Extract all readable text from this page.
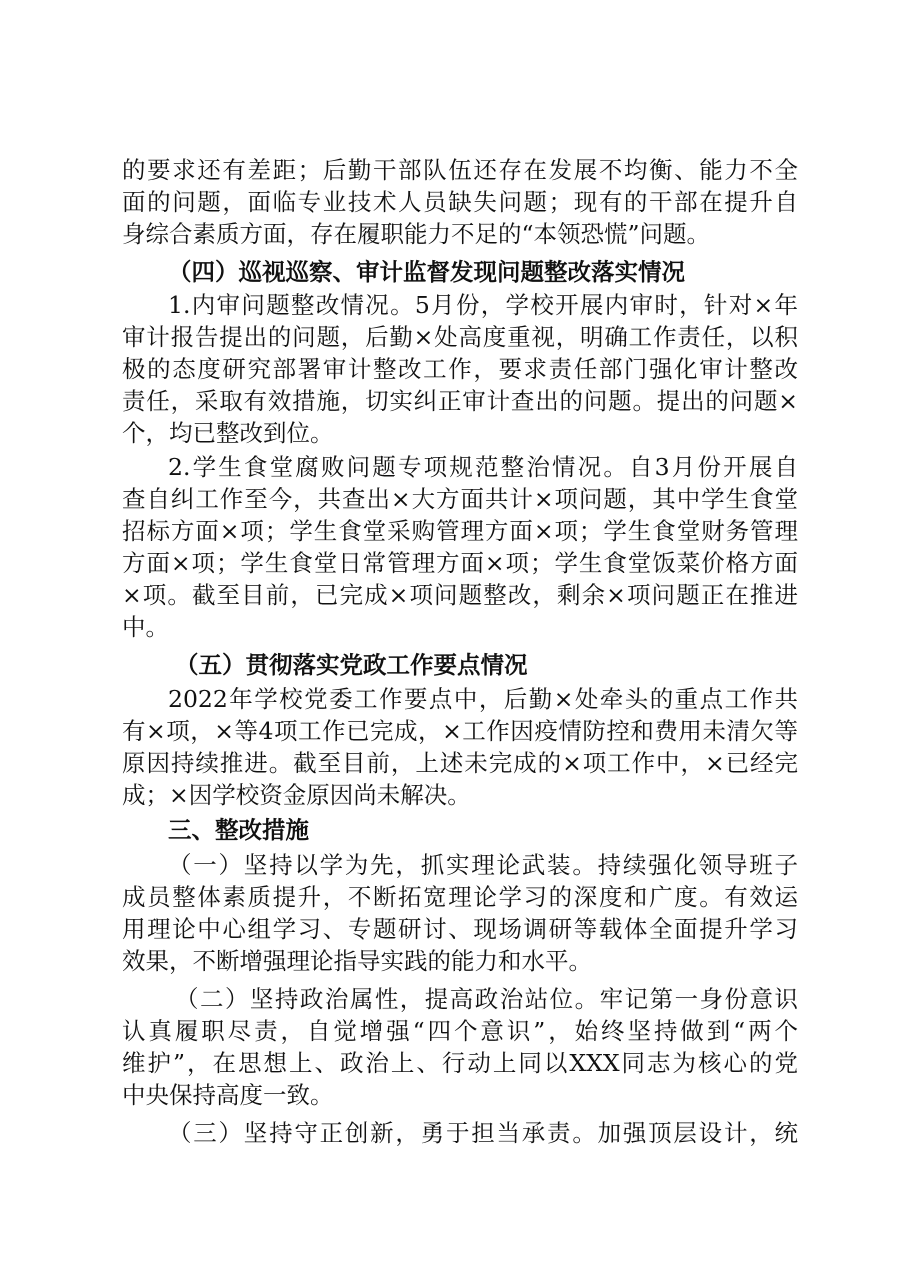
的要求还有差距；后勤干部队伍还存在发展不均衡、能力不全
面的问题，面临专业技术人员缺失问题；现有的干部在提升自
身综合素质方面，存在履职能力不足的“本领恐慌”问题。
（四）巡视巡察、审计监督发现问题整改落实情况
1.内审问题整改情况。5月份，学校开展内审时，针对×年
审计报告提出的问题，后勤×处高度重视，明确工作责任，以积
极的态度研究部署审计整改工作，要求责任部门强化审计整改
责任，采取有效措施，切实纠正审计查出的问题。提出的问题×
个，均已整改到位。
2.学生食堂腐败问题专项规范整治情况。自3月份开展自
查自纠工作至今，共查出×大方面共计×项问题，其中学生食堂
招标方面×项；学生食堂采购管理方面×项；学生食堂财务管理
方面×项；学生食堂日常管理方面×项；学生食堂饭菜价格方面
×项。截至目前，已完成×项问题整改，剩余×项问题正在推进
中。
（五）贯彻落实党政工作要点情况
2022年学校党委工作要点中，后勤×处牵头的重点工作共
有×项，×等4项工作已完成，×工作因疫情防控和费用未清欠等
原因持续推进。截至目前，上述未完成的×项工作中，×已经完
成；×因学校资金原因尚未解决。
三、整改措施
（一）坚持以学为先，抓实理论武装。持续强化领导班子
成员整体素质提升，不断拓宽理论学习的深度和广度。有效运
用理论中心组学习、专题研讨、现场调研等载体全面提升学习
效果，不断增强理论指导实践的能力和水平。
（二）坚持政治属性，提高政治站位。牢记第一身份意识
认真履职尽责，自觉增强“四个意识”，始终坚持做到“两个
维护”，在思想上、政治上、行动上同以XXX同志为核心的党
中央保持高度一致。
（三）坚持守正创新，勇于担当承责。加强顶层设计，统
